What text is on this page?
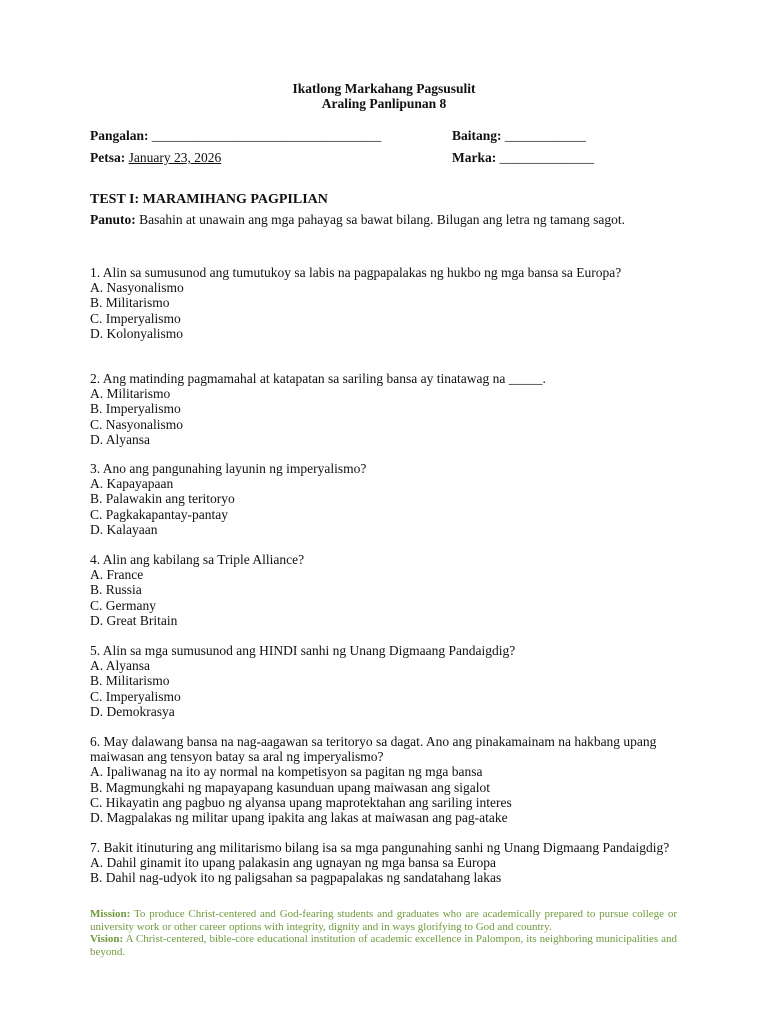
Ikatlong Markahang Pagsusulit
Araling Panlipunan 8
Pangalan: __________________________________	Baitang: ____________
Petsa: January 23, 2026	Marka: ______________
TEST I: MARAMIHANG PAGPILIAN
Panuto: Basahin at unawain ang mga pahayag sa bawat bilang. Bilugan ang letra ng tamang sagot.
1. Alin sa sumusunod ang tumutukoy sa labis na pagpapalakas ng hukbo ng mga bansa sa Europa?
A. Nasyonalismo
B. Militarismo
C. Imperyalismo
D. Kolonyalismo
2. Ang matinding pagmamahal at katapatan sa sariling bansa ay tinatawag na _____.
A. Militarismo
B. Imperyalismo
C. Nasyonalismo
D. Alyansa
3. Ano ang pangunahing layunin ng imperyalismo?
A. Kapayapaan
B. Palawakin ang teritoryo
C. Pagkakapantay-pantay
D. Kalayaan
4. Alin ang kabilang sa Triple Alliance?
A. France
B. Russia
C. Germany
D. Great Britain
5. Alin sa mga sumusunod ang HINDI sanhi ng Unang Digmaang Pandaigdig?
A. Alyansa
B. Militarismo
C. Imperyalismo
D. Demokrasya
6. May dalawang bansa na nag-aagawan sa teritoryo sa dagat. Ano ang pinakamainam na hakbang upang maiwasan ang tensyon batay sa aral ng imperyalismo?
A. Ipaliwanag na ito ay normal na kompetisyon sa pagitan ng mga bansa
B. Magmungkahi ng mapayapang kasunduan upang maiwasan ang sigalot
C. Hikayatin ang pagbuo ng alyansa upang maprotektahan ang sariling interes
D. Magpalakas ng militar upang ipakita ang lakas at maiwasan ang pag-atake
7. Bakit itinuturing ang militarismo bilang isa sa mga pangunahing sanhi ng Unang Digmaang Pandaigdig?
A. Dahil ginamit ito upang palakasin ang ugnayan ng mga bansa sa Europa
B. Dahil nag-udyok ito ng paligsahan sa pagpapalakas ng sandatahang lakas
Mission: To produce Christ-centered and God-fearing students and graduates who are academically prepared to pursue college or university work or other career options with integrity, dignity and in ways glorifying to God and country.
Vision: A Christ-centered, bible-core educational institution of academic excellence in Palompon, its neighboring municipalities and beyond.
